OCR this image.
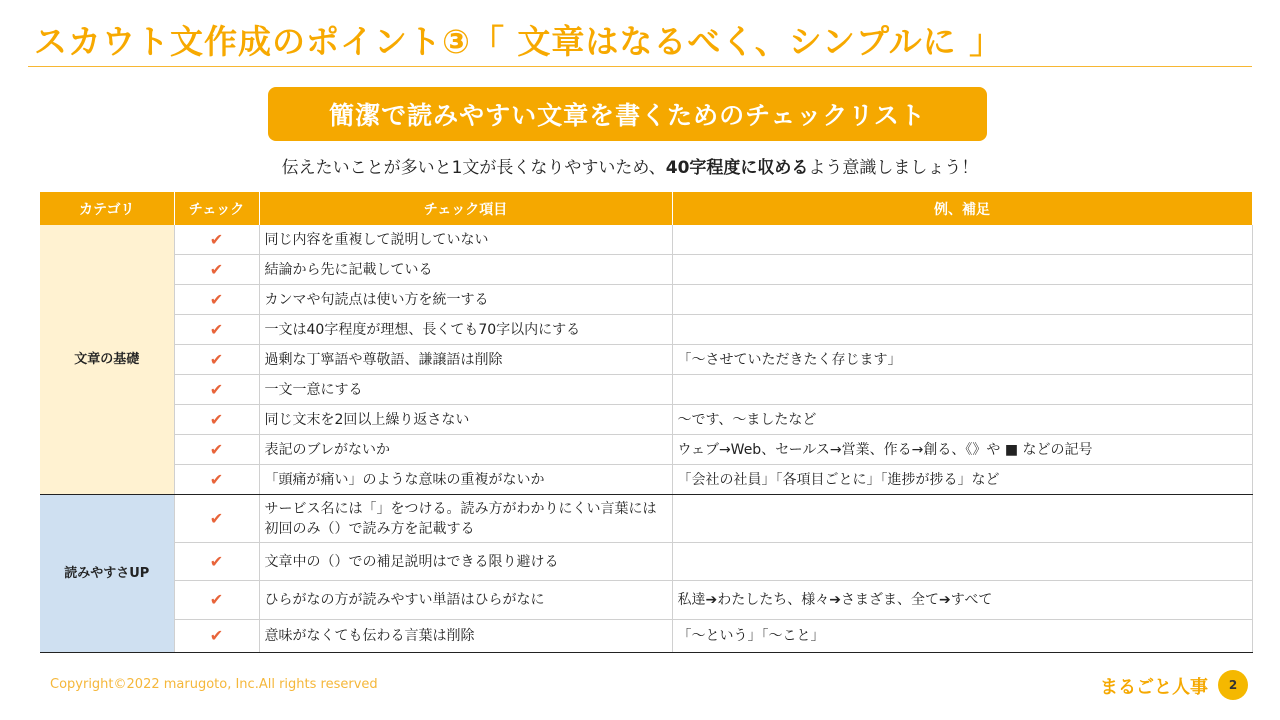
スカウト文作成のポイント③「 文章はなるべく、シンプルに 」
簡潔で読みやすい文章を書くためのチェックリスト
伝えたいことが多いと1文が長くなりやすいため、40字程度に収めるよう意識しましょう！
カテゴリ	チェック	チェック項目	例、補足
文章の基礎	✔	同じ内容を重複して説明していない	
	✔	結論から先に記載している	
	✔	カンマや句読点は使い方を統一する	
	✔	一文は40字程度が理想、長くても70字以内にする	
	✔	過剰な丁寧語や尊敬語、謙譲語は削除	「～させていただきたく存じます」
	✔	一文一意にする	
	✔	同じ文末を2回以上繰り返さない	～です、～ましたなど
	✔	表記のブレがないか	ウェブ→Web、セールス→営業、作る→創る、《》や ■ などの記号
	✔	「頭痛が痛い」のような意味の重複がないか	「会社の社員」「各項目ごとに」「進捗が捗る」など
読みやすさUP	✔	サービス名には「」をつける。読み方がわかりにくい言葉には初回のみ（）で読み方を記載する	
	✔	文章中の（）での補足説明はできる限り避ける	
	✔	ひらがなの方が読みやすい単語はひらがなに	私達➔わたしたち、様々➔さまざま、全て➔すべて
	✔	意味がなくても伝わる言葉は削除	「～という」「～こと」
Copyright©2022 marugoto, Inc.All rights reserved	まるごと人事	2
